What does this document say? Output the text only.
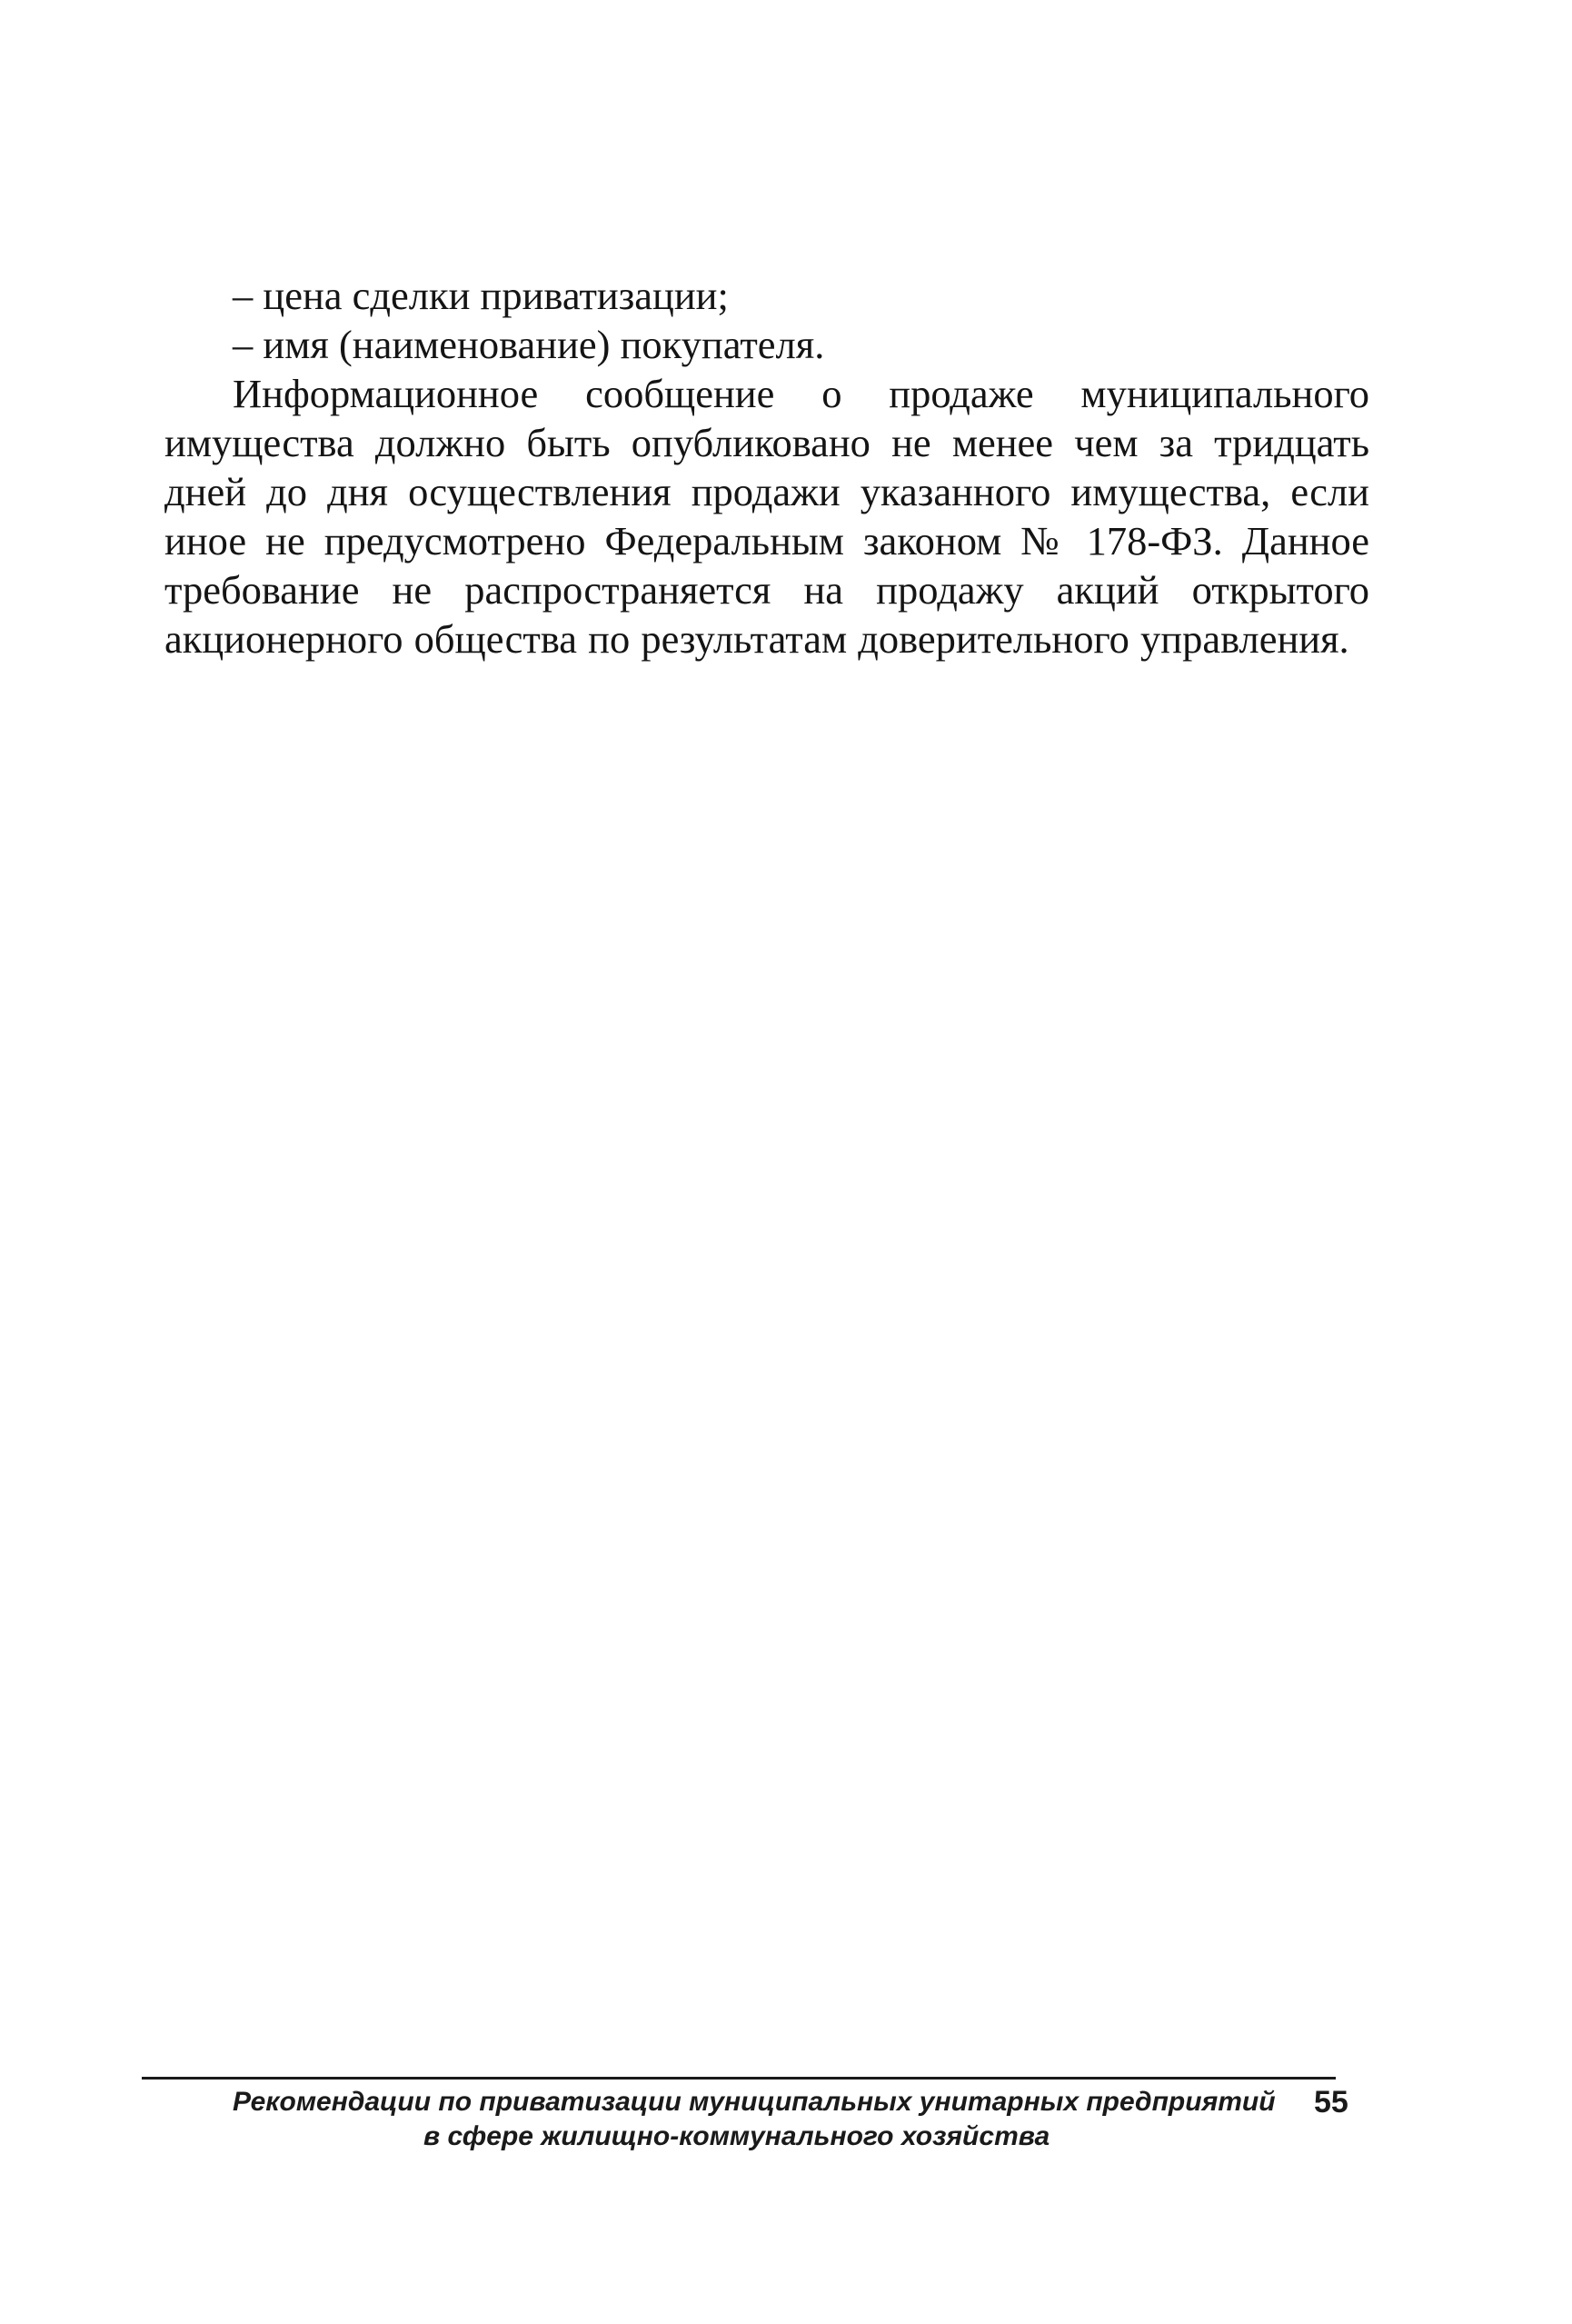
– цена сделки приватизации;

– имя (наименование) покупателя.

Информационное сообщение о продаже муниципального имущества должно быть опубликовано не менее чем за тридцать дней до дня осуществления продажи указанного имущества, если иное не предусмотрено Федеральным законом № 178-ФЗ. Данное требование не распространяется на продажу акций открытого акционерного общества по результатам доверительного управления.

Рекомендации по приватизации муниципальных унитарных предприятий
в сфере жилищно-коммунального хозяйства
55
